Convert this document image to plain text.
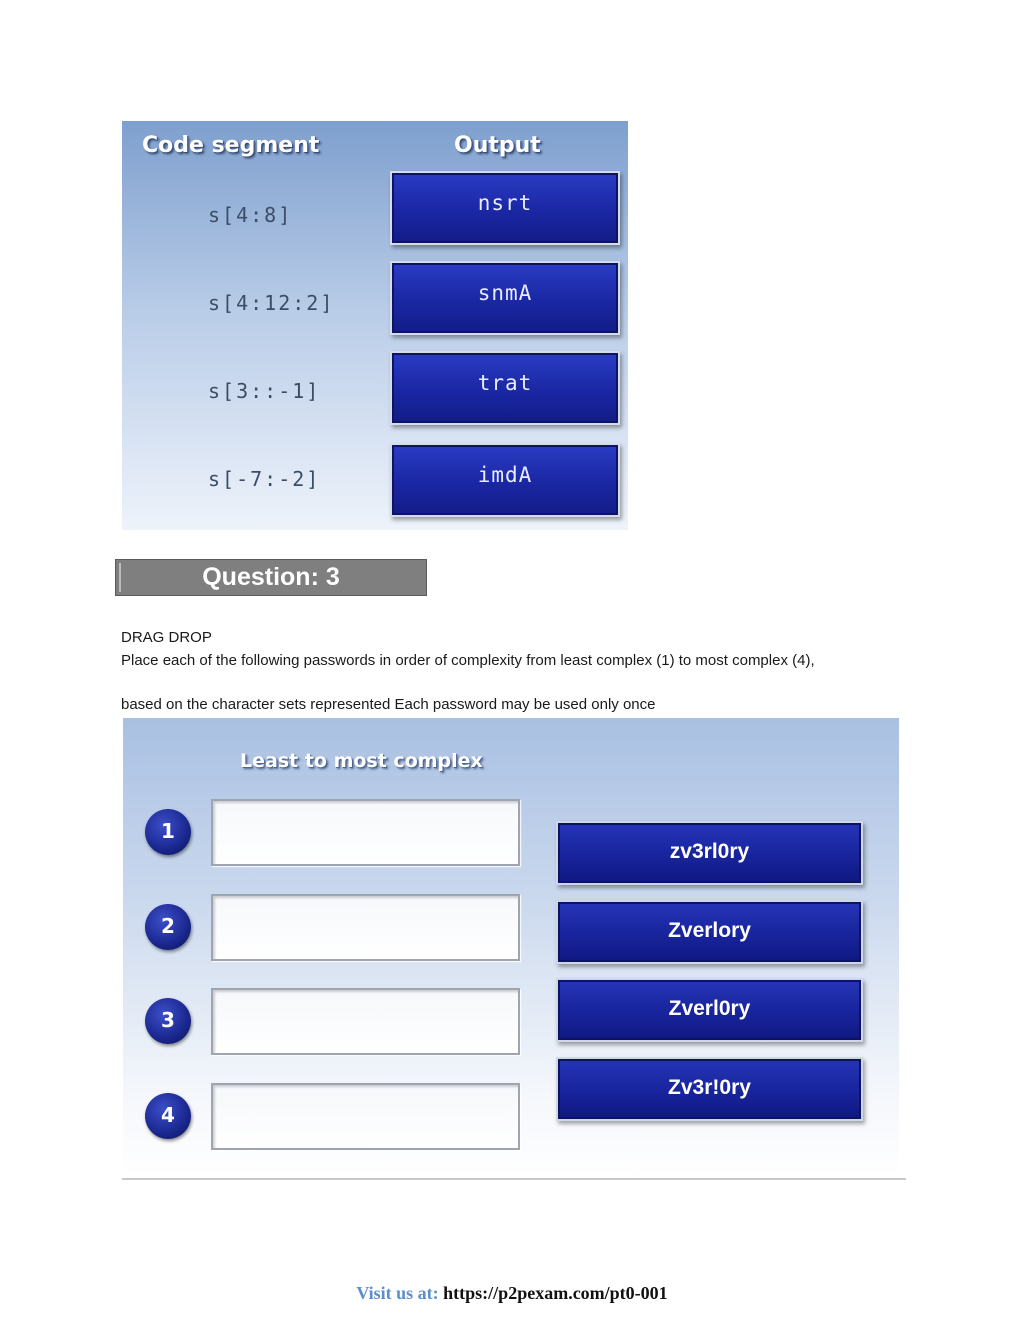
Code segment	Output
s[4:8]	nsrt
s[4:12:2]	snmA
s[3::-1]	trat
s[-7:-2]	imdA
Question: 3
DRAG DROP
Place each of the following passwords in order of complexity from least complex (1) to most complex (4),
based on the character sets represented Each password may be used only once
Least to most complex
1
2
3
4
zv3rl0ry
Zverlory
Zverl0ry
Zv3r!0ry
Visit us at: https://p2pexam.com/pt0-001
